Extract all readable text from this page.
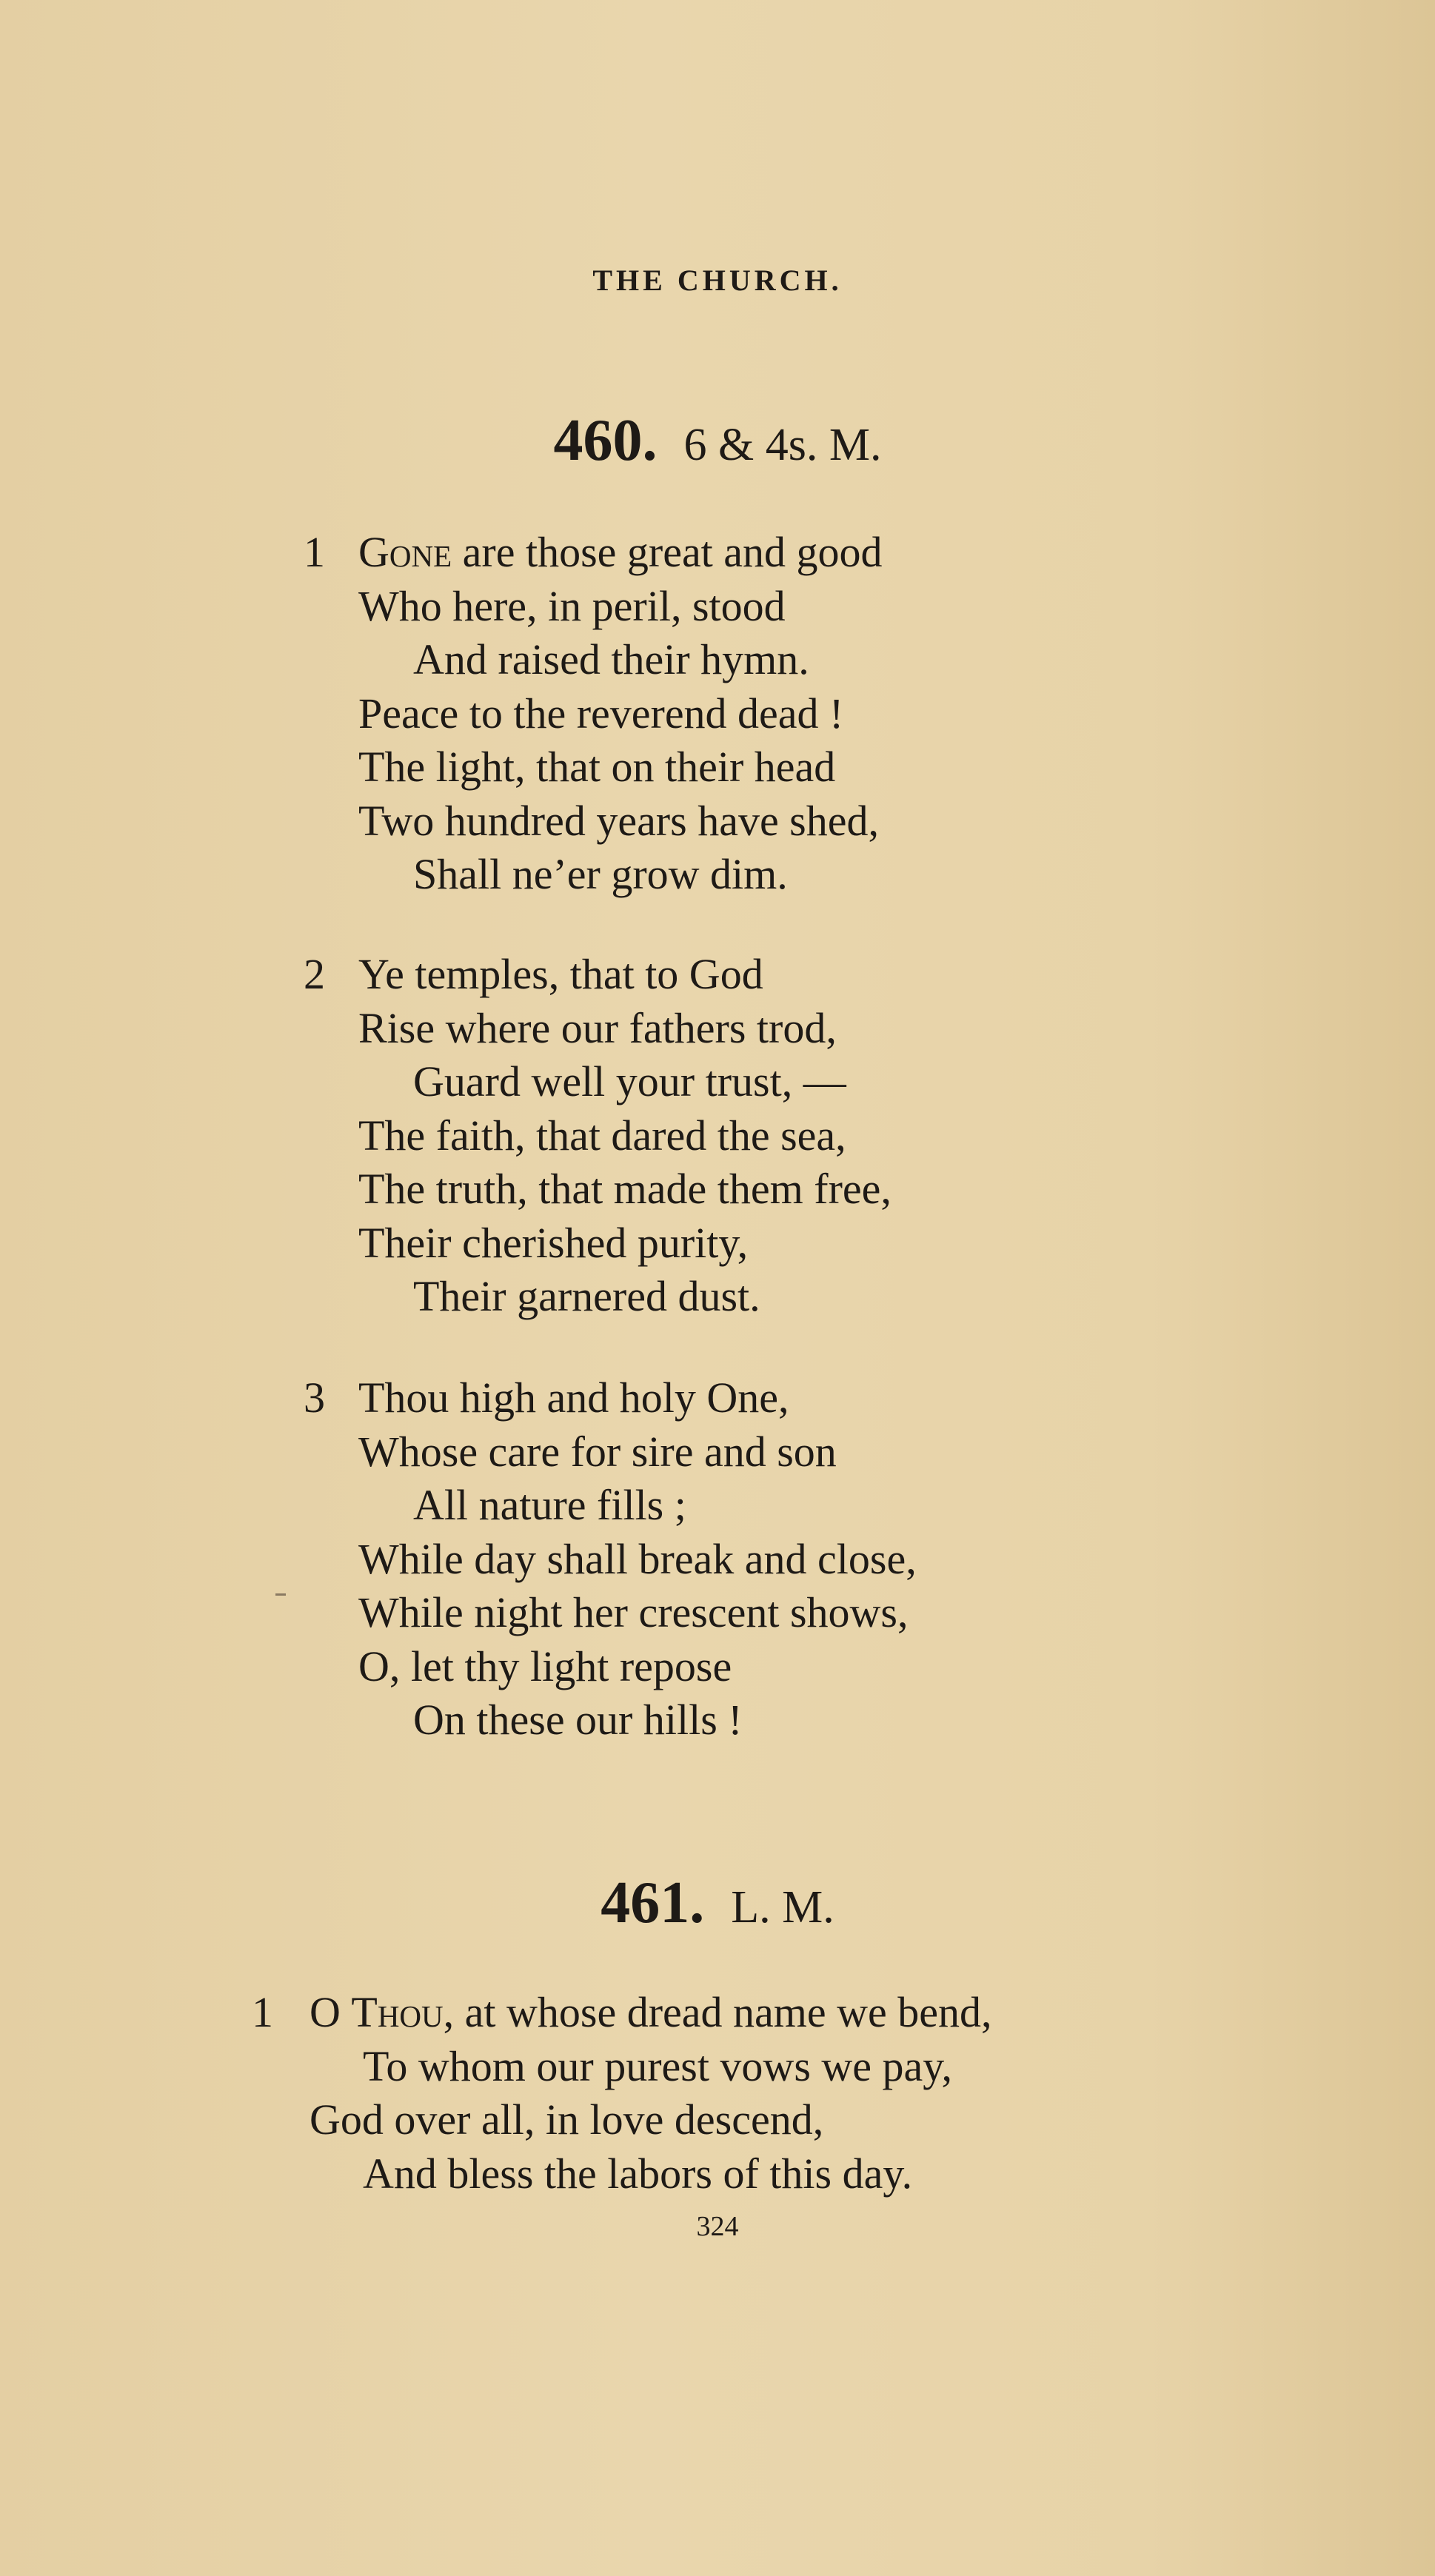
THE CHURCH.
460. 6 & 4s. M.
1 Gone are those great and good
Who here, in peril, stood
And raised their hymn.
Peace to the reverend dead !
The light, that on their head
Two hundred years have shed,
Shall ne’er grow dim.
2 Ye temples, that to God
Rise where our fathers trod,
Guard well your trust, —
The faith, that dared the sea,
The truth, that made them free,
Their cherished purity,
Their garnered dust.
3 Thou high and holy One,
Whose care for sire and son
All nature fills ;
While day shall break and close,
While night her crescent shows,
O, let thy light repose
On these our hills !
461. L. M.
1 O Thou, at whose dread name we bend,
To whom our purest vows we pay,
God over all, in love descend,
And bless the labors of this day.
324
